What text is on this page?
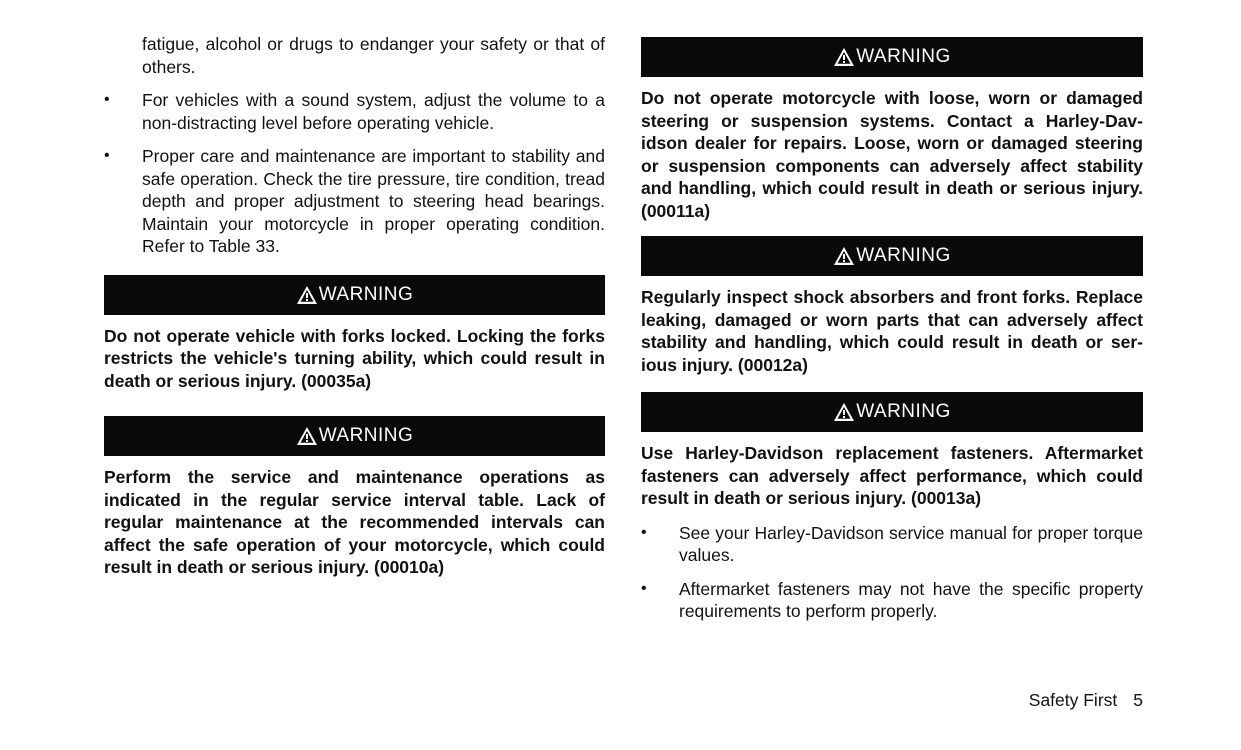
fatigue, alcohol or drugs to endanger your safety or that of others.

• For vehicles with a sound system, adjust the volume to a non-distracting level before operating vehicle.
• Proper care and maintenance are important to stability and safe operation. Check the tire pressure, tire condition, tread depth and proper adjustment to steering head bearings. Maintain your motorcycle in proper operating condition. Refer to Table 33.
WARNING

Do not operate vehicle with forks locked. Locking the forks restricts the vehicle's turning ability, which could result in death or serious injury. (00035a)

WARNING

Perform the service and maintenance operations as indicated in the regular service interval table. Lack of regular maintenance at the recommended intervals can affect the safe operation of your motorcycle, which could result in death or serious injury. (00010a)

WARNING

Do not operate motorcycle with loose, worn or damaged steering or suspension systems. Contact a Harley-Dav-idson dealer for repairs. Loose, worn or damaged steering or suspension components can adversely affect stability and handling, which could result in death or serious injury. (00011a)

WARNING

Regularly inspect shock absorbers and front forks. Replace leaking, damaged or worn parts that can adversely affect stability and handling, which could result in death or ser-ious injury. (00012a)

WARNING

Use Harley-Davidson replacement fasteners. Aftermarket fasteners can adversely affect performance, which could result in death or serious injury. (00013a)

• See your Harley-Davidson service manual for proper torque values.
• Aftermarket fasteners may not have the specific property requirements to perform properly.
Safety First 5
